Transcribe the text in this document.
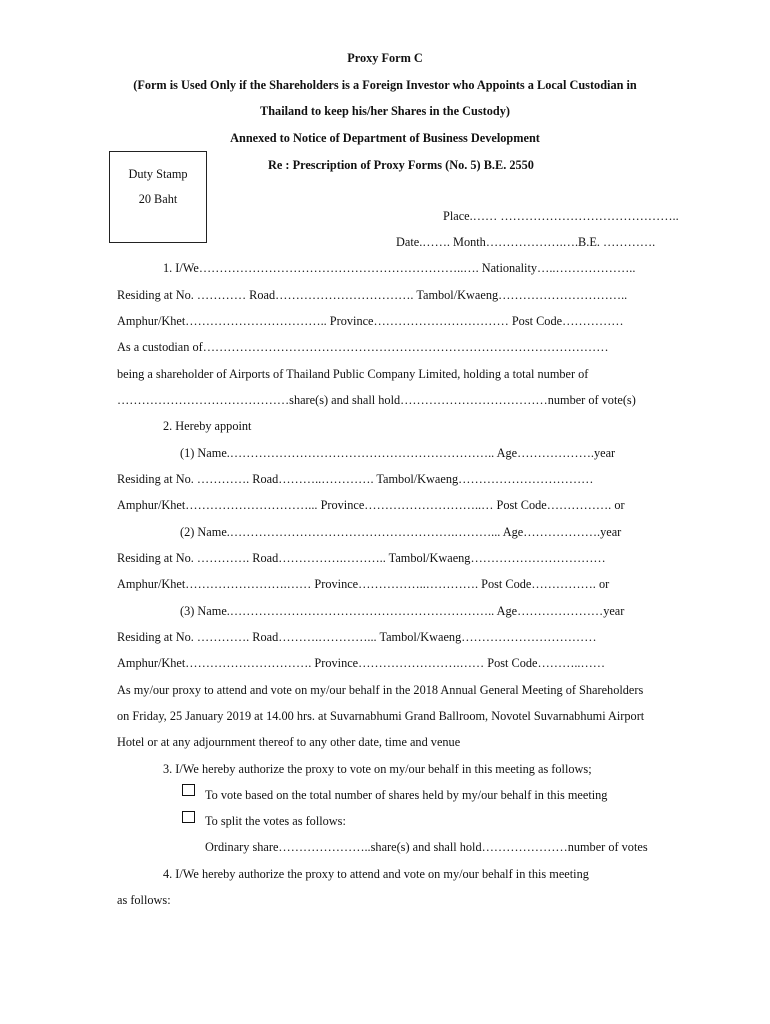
Proxy Form C
(Form is Used Only if the Shareholders is a Foreign Investor who Appoints a Local Custodian in
Thailand to keep his/her Shares in the Custody)
Annexed to Notice of Department of Business Development
Re : Prescription of Proxy Forms (No. 5) B.E. 2550
Duty Stamp
20 Baht
Place.…… ……………………………………..
Date.……. Month……………….….B.E. ………….
1. I/We………………………………………………………..…. Nationality…..………………..
Residing at No. ………… Road……………………………. Tambol/Kwaeng…………………………..
Amphur/Khet…………………………….. Province…………………………… Post Code……………
As a custodian of………………………………………………………………………………………
being a shareholder of Airports of Thailand Public Company Limited, holding a total number of
……………………………………share(s) and shall hold………………………………number of vote(s)
2. Hereby appoint
(1) Name.……………………………………………………….. Age……………….year
Residing at No. …………. Road………..…………. Tambol/Kwaeng……………………………
Amphur/Khet…………………………... Province………………………..… Post Code……………. or
(2) Name.……………………………………………….………... Age……………….year
Residing at No. …………. Road…………….……….. Tambol/Kwaeng……………………………
Amphur/Khet…………………….…… Province……………..…………. Post Code……………. or
(3) Name.……………………………………………………….. Age…………………year
Residing at No. …………. Road……….…………... Tambol/Kwaeng……………………………
Amphur/Khet…………………………. Province…………………….…… Post Code………..……
As my/our proxy to attend and vote on my/our behalf in the 2018 Annual General Meeting of Shareholders
on Friday, 25 January 2019 at 14.00 hrs. at Suvarnabhumi Grand Ballroom, Novotel Suvarnabhumi Airport
Hotel or at any adjournment thereof to any other date, time and venue
3. I/We hereby authorize the proxy to vote on my/our behalf in this meeting as follows;
To vote based on the total number of shares held by my/our behalf in this meeting
To split the votes as follows:
Ordinary share…………………..share(s) and shall hold…………………number of votes
4. I/We hereby authorize the proxy to attend and vote on my/our behalf in this meeting
as follows:
